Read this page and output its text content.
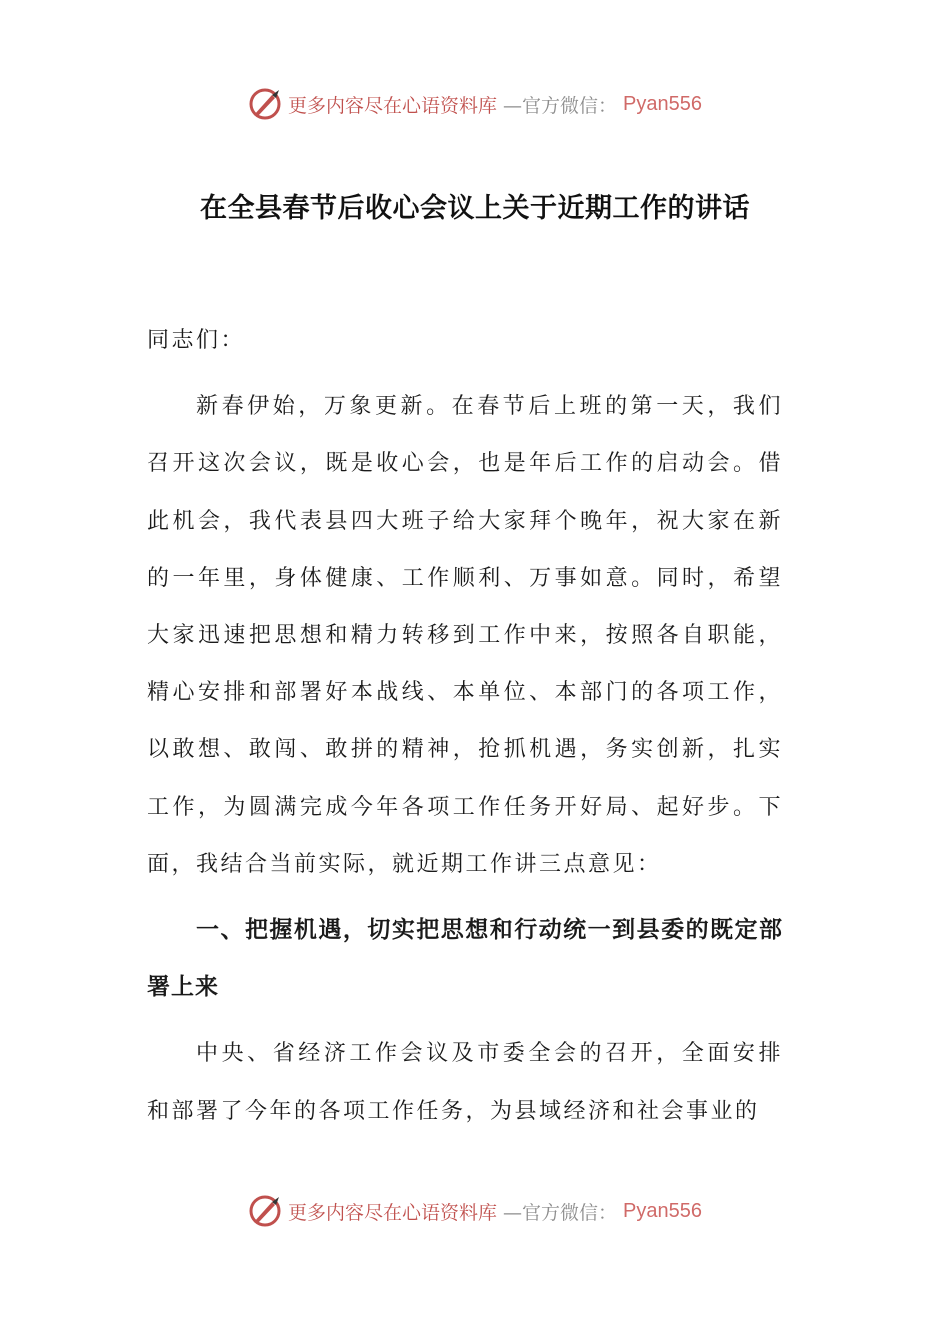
更多内容尽在心语资料库 —官方微信： Pyan556
在全县春节后收心会议上关于近期工作的讲话

同志们：

新春伊始，万象更新。在春节后上班的第一天，我们召开这次会议，既是收心会，也是年后工作的启动会。借此机会，我代表县四大班子给大家拜个晚年，祝大家在新的一年里，身体健康、工作顺利、万事如意。同时，希望大家迅速把思想和精力转移到工作中来，按照各自职能，精心安排和部署好本战线、本单位、本部门的各项工作，以敢想、敢闯、敢拼的精神，抢抓机遇，务实创新，扎实工作，为圆满完成今年各项工作任务开好局、起好步。下面，我结合当前实际，就近期工作讲三点意见：

一、把握机遇，切实把思想和行动统一到县委的既定部署上来

中央、省经济工作会议及市委全会的召开，全面安排和部署了今年的各项工作任务，为县域经济和社会事业的

更多内容尽在心语资料库 —官方微信： Pyan556
